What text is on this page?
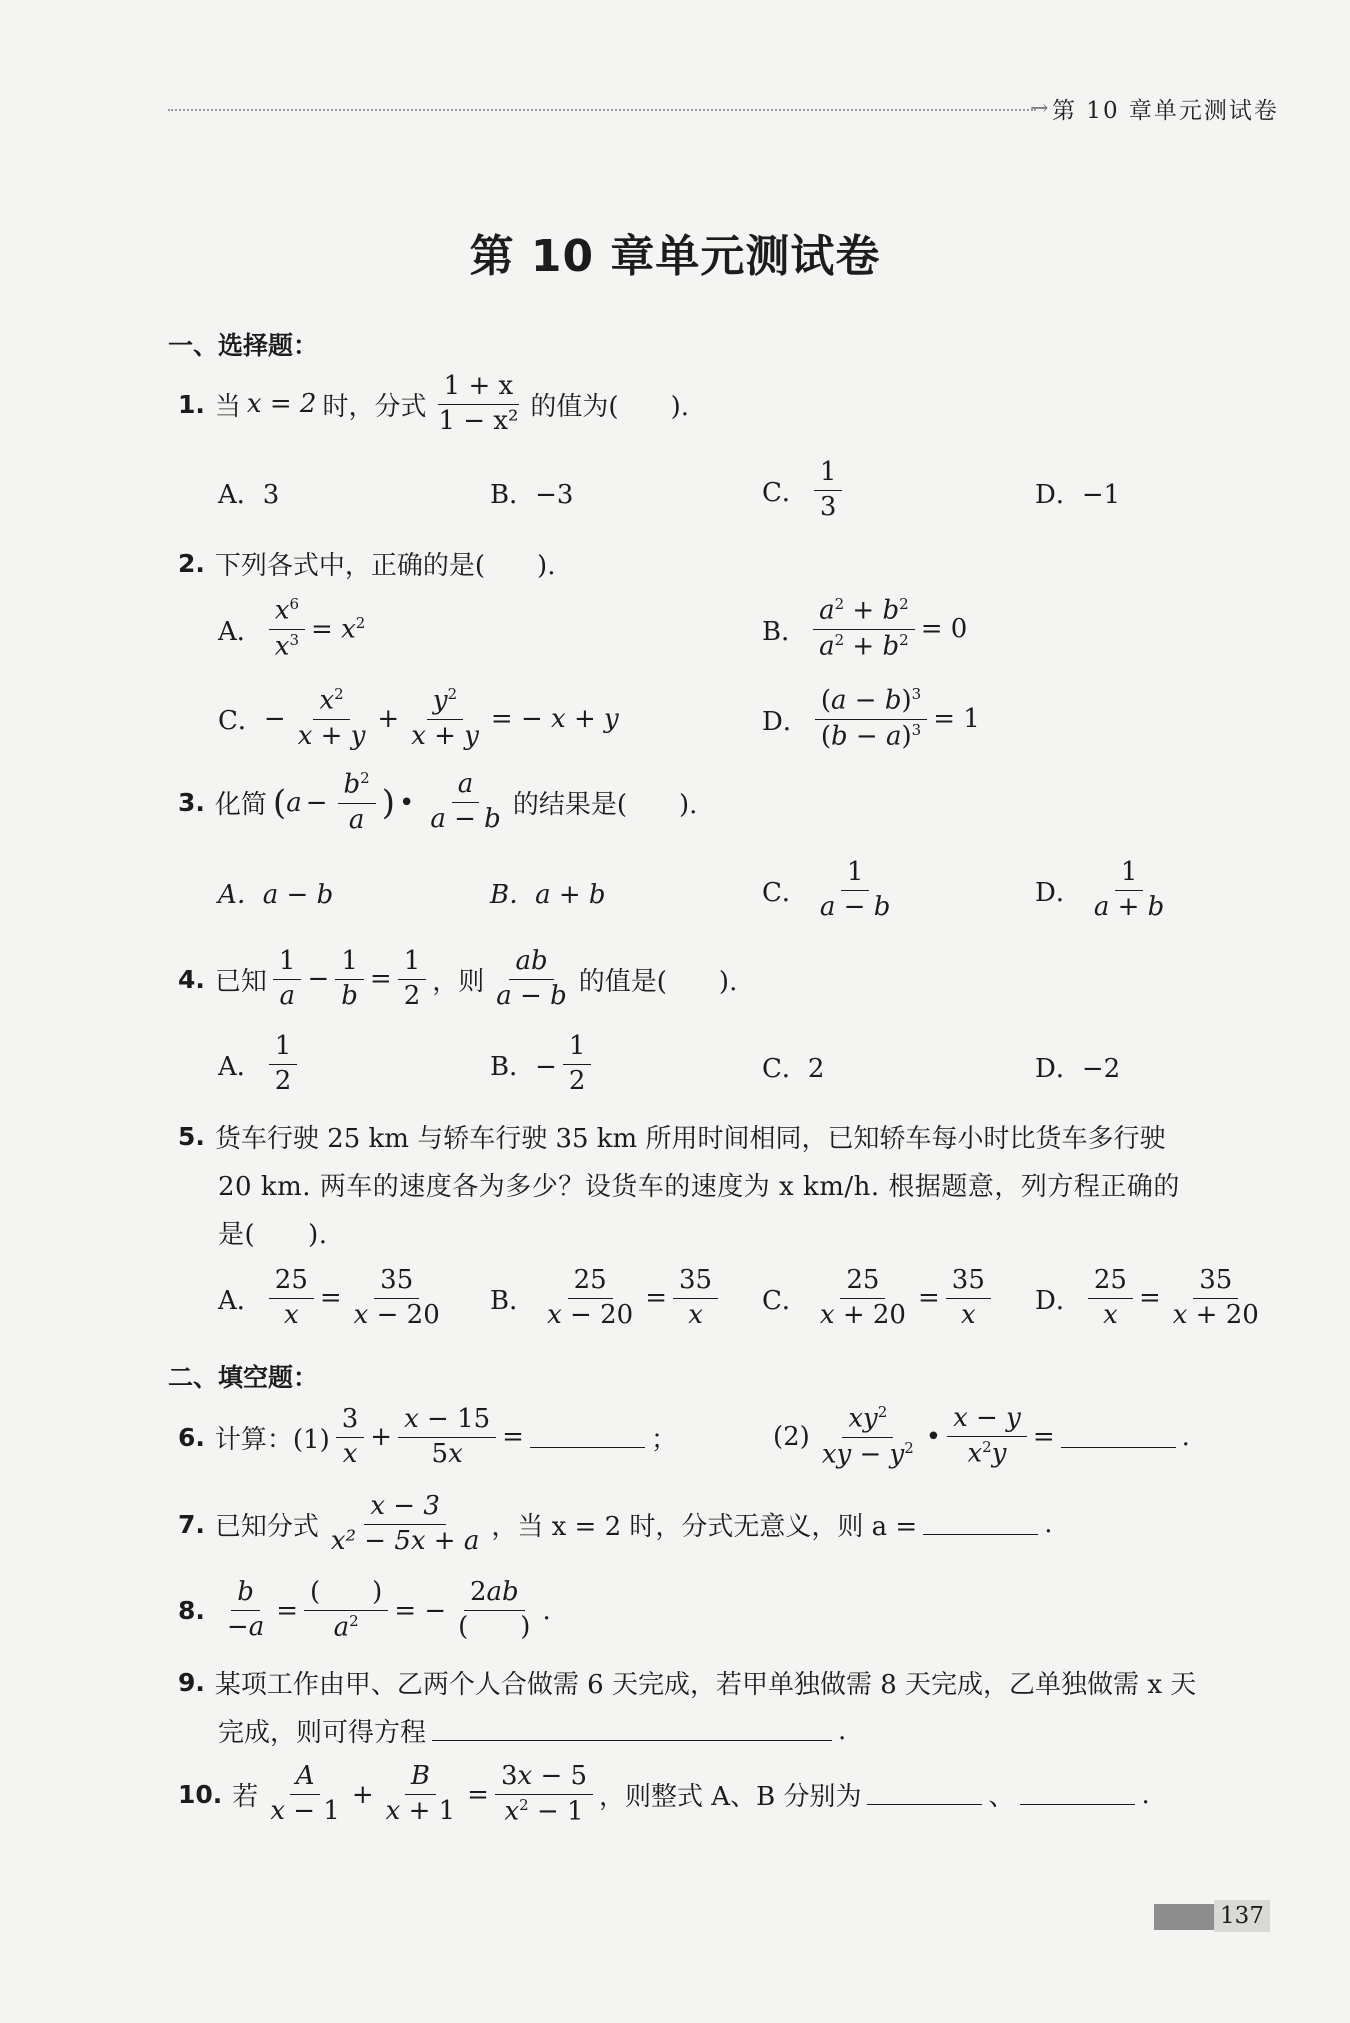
→ 第 10 章单元测试卷
第 10 章单元测试卷
一、选择题：
1. 当 x = 2 时，分式 $\frac{1 + x}{\text{1 − x²}}$ 的值为(　　).
A．3	B．−3	C． $\frac{1}{3}$	D．−1
2. 下列各式中，正确的是(　　).
A． $\frac{x^6}{x^3} = x^2$	B． $\frac{a^2 + b^2}{a^2 + b^2} = 0$
C． − $\frac{x^2}{x + y} + \frac{y^2}{x + y}$ = − x + y	D． $\frac{(a - b)^3}{(b - a)^3} = 1$
3. 化简 ( $a - \frac{b^2}{a}$ ) • $\frac{a}{a - b}$ 的结果是(　　).
A．a − b	B．a + b	C． $\frac{1}{a - b}$	D． $\frac{1}{a + b}$
4. 已知 $\frac{1}{a} - \frac{1}{b} = \frac{1}{2}$ ，则 $\frac{ab}{a - b}$ 的值是(　　).
A． $\frac{1}{2}$	B．− $\frac{1}{2}$	C．2	D．−2
5. 货车行驶 25 km 与轿车行驶 35 km 所用时间相同，已知轿车每小时比货车多行驶
20 km. 两车的速度各为多少？设货车的速度为 x km/h. 根据题意，列方程正确的
是(　　).
A． $\frac{25}{x} = \frac{35}{x - 20}$ B． $\frac{25}{x - 20} = \frac{35}{x}$ C． $\frac{25}{x + 20} = \frac{35}{x}$ D． $\frac{25}{x} = \frac{35}{x + 20}$
二、填空题：
6. 计算：$(1) \frac{3}{x} + \frac{x - 15}{5x}$ =	；	$(2) \frac{xy^2}{xy - y^2}$ • $\frac{x - y}{x^2y}$ =	.
7. 已知分式 $\frac{x - 3}{\text{x² − 5x + a}}$ ，当 x = 2 时，分式无意义，则 a =	.
8. $\frac{b}{-a} = \frac{( )}{a^2}$ = − $\frac{2ab}{( )}$ .
9. 某项工作由甲、乙两个人合做需 6 天完成，若甲单独做需 8 天完成，乙单独做需 x 天
完成，则可得方程	.
10. 若 $\frac{A}{x - 1} + \frac{B}{x + 1} = \frac{3x - 5}{x^2 - 1}$ ，则整式 A、B 分别为	、	.
137
